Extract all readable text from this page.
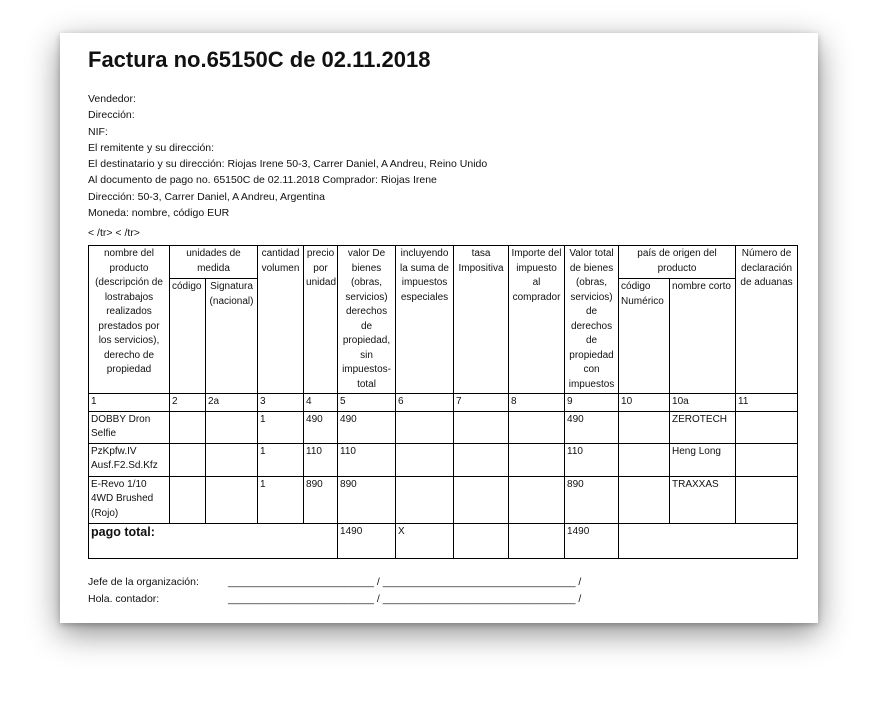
Factura no.65150C de 02.11.2018
Vendedor:
Dirección:
NIF:
El remitente y su dirección:
El destinatario y su dirección: Riojas Irene 50-3, Carrer Daniel, A Andreu, Reino Unido
Al documento de pago no. 65150C de 02.11.2018 Comprador: Riojas Irene
Dirección: 50-3, Carrer Daniel, A Andreu, Argentina
Moneda: nombre, código EUR
< /tr> < /tr>
nombre del producto (descripción de lostrabajos realizados prestados por los servicios), derecho de propiedad	unidades de medida		cantidad volumen	precio por unidad	valor De bienes (obras, servicios) derechos de propiedad, sin impuestos-total	incluyendo la suma de impuestos especiales	tasa Impositiva	Importe del impuesto al comprador	Valor total de bienes (obras, servicios) de derechos de propiedad con impuestos	país de origen del producto		Número de declaración de aduanas
	código	Signatura (nacional)								código Numérico	nombre corto	
1	2	2a	3	4	5	6	7	8	9	10	10a	11
DOBBY Dron Selfie			1	490	490				490		ZEROTECH	
PzKpfw.IV Ausf.F2.Sd.Kfz			1	110	110				110		Heng Long	
E-Revo 1/10 4WD Brushed (Rojo)			1	890	890				890		TRAXXAS	
pago total:					1490	X			1490			
Jefe de la organización:	_________________________ / _________________________________ /
Hola. contador:	_________________________ / _________________________________ /
